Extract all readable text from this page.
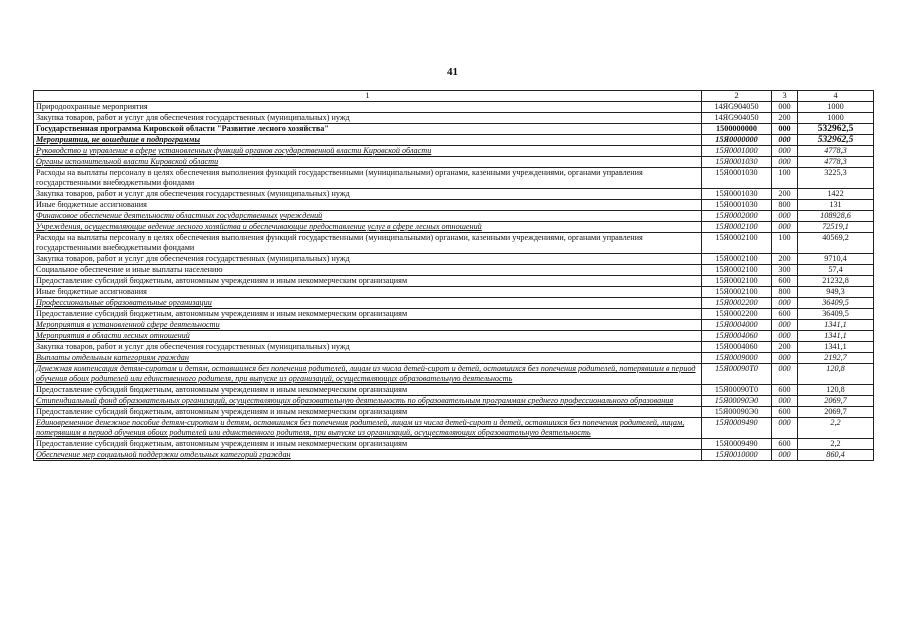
41
1	2	3	4
Природоохранные мероприятия	14ЯG904050	000	1000
Закупка товаров, работ и услуг для обеспечения государственных (муниципальных) нужд	14ЯG904050	200	1000
Государственная программа Кировской области "Развитие лесного хозяйства"	1500000000	000	532962,5
Мероприятия, не вошедшие в подпрограммы	15Я0000000	000	532962,5
Руководство и управление в сфере установленных функций органов государственной власти Кировской области	15Я0001000	000	4778,3
Органы исполнительной власти Кировской области	15Я0001030	000	4778,3
Расходы на выплаты персоналу в целях обеспечения выполнения функций государственными (муниципальными) органами, казенными учреждениями, органами управления государственными внебюджетными фондами	15Я0001030	100	3225,3
Закупка товаров, работ и услуг для обеспечения государственных (муниципальных) нужд	15Я0001030	200	1422
Иные бюджетные ассигнования	15Я0001030	800	131
Финансовое обеспечение деятельности областных государственных учреждений	15Я0002000	000	108928,6
Учреждения, осуществляющие ведение лесного хозяйства и обеспечивающие предоставление услуг в сфере лесных отношений	15Я0002100	000	72519,1
Расходы на выплаты персоналу в целях обеспечения выполнения функций государственными (муниципальными) органами, казенными учреждениями, органами управления государственными внебюджетными фондами	15Я0002100	100	40569,2
Закупка товаров, работ и услуг для обеспечения государственных (муниципальных) нужд	15Я0002100	200	9710,4
Социальное обеспечение и иные выплаты населению	15Я0002100	300	57,4
Предоставление субсидий бюджетным, автономным учреждениям и иным некоммерческим организациям	15Я0002100	600	21232,8
Иные бюджетные ассигнования	15Я0002100	800	949,3
Профессиональные образовательные организации	15Я0002200	000	36409,5
Предоставление субсидий бюджетным, автономным учреждениям и иным некоммерческим организациям	15Я0002200	600	36409,5
Мероприятия в установленной сфере деятельности	15Я0004000	000	1341,1
Мероприятия в области лесных отношений	15Я0004060	000	1341,1
Закупка товаров, работ и услуг для обеспечения государственных (муниципальных) нужд	15Я0004060	200	1341,1
Выплаты отдельным категориям граждан	15Я0009000	000	2192,7
Денежная компенсация детям-сиротам и детям, оставшимся без попечения родителей, лицам из числа детей-сирот и детей, оставшихся без попечения родителей, потерявшим в период обучения обоих родителей или единственного родителя, при выпуске из организаций, осуществляющих образовательную деятельность	15Я00090Т0	000	120,8
Предоставление субсидий бюджетным, автономным учреждениям и иным некоммерческим организациям	15Я00090Т0	600	120,8
Стипендиальный фонд образовательных организаций, осуществляющих образовательную деятельность по образовательным программам среднего профессионального образования	15Я00090Э0	000	2069,7
Предоставление субсидий бюджетным, автономным учреждениям и иным некоммерческим организациям	15Я00090Э0	600	2069,7
Единовременное денежное пособие детям-сиротам и детям, оставшимся без попечения родителей, лицам из числа детей-сирот и детей, оставшихся без попечения родителей, лицам, потерявшим в период обучения обоих родителей или единственного родителя, при выпуске из организаций, осуществляющих образовательную деятельность	15Я0009490	000	2,2
Предоставление субсидий бюджетным, автономным учреждениям и иным некоммерческим организациям	15Я0009490	600	2,2
Обеспечение мер социальной поддержки отдельных категорий граждан	15Я0010000	000	860,4
